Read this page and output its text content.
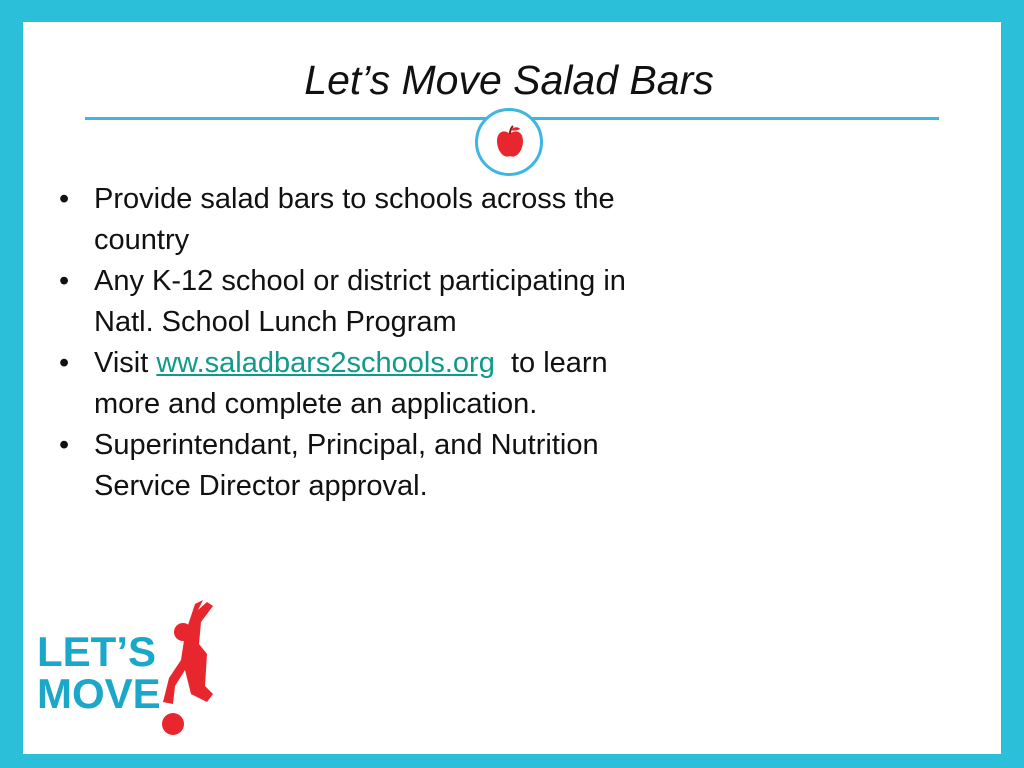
Let’s Move Salad Bars
• Provide salad bars to schools across the country
• Any K-12 school or district participating in Natl. School Lunch Program
• Visit ww.saladbars2schools.org  to learn more and complete an application.
• Superintendant, Principal, and Nutrition Service Director approval.
LET’S
MOVE
